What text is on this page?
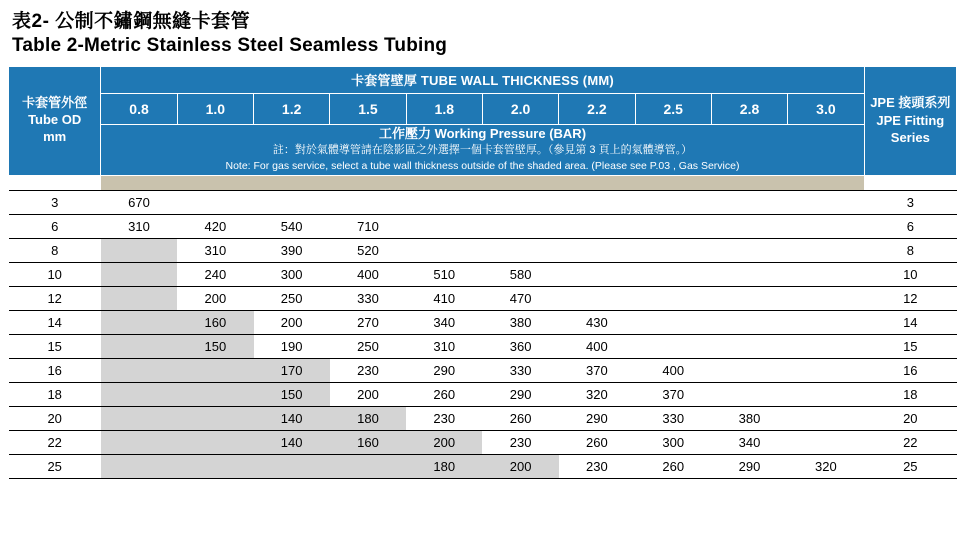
表2- 公制不鏽鋼無縫卡套管
Table 2-Metric Stainless Steel Seamless Tubing
卡套管外徑
Tube OD
mm
	卡套管壁厚 TUBE WALL THICKNESS (MM)	
JPE 接頭系列
JPE Fitting
Series

	0.8	1.0	1.2	1.5	1.8	2.0	2.2	2.5	2.8	3.0	

	工作壓力 Working Pressure (BAR)
註：對於氣體導管請在陰影區之外選擇一個卡套管壁厚。（參見第 3 頁上的氣體導管。）
Note: For gas service, select a tube wall thickness outside of the shaded area. (Please see P.03 , Gas Service)										

3	670										3
6	310	420	540	710							6
8		310	390	520							8
10		240	300	400	510	580					10
12		200	250	330	410	470					12
14		160	200	270	340	380	430				14
15		150	190	250	310	360	400				15
16			170	230	290	330	370	400			16
18			150	200	260	290	320	370			18
20			140	180	230	260	290	330	380		20
22			140	160	200	230	260	300	340		22
25					180	200	230	260	290	320	25
